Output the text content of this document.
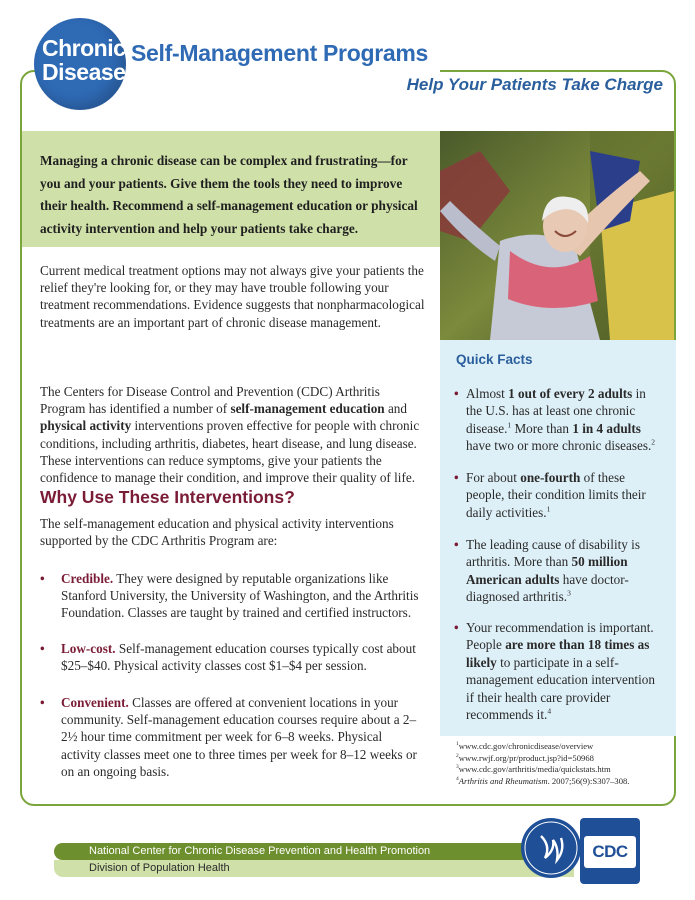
Chronic
Disease
Self-Management Programs
Help Your Patients Take Charge
Managing a chronic disease can be complex and frustrating—for you and your patients. Give them the tools they need to improve their health. Recommend a self-management education or physical activity intervention and help your patients take charge.
Current medical treatment options may not always give your patients the relief they're looking for, or they may have trouble following your treatment recommendations. Evidence suggests that nonpharmacological treatments are an important part of chronic disease management.
The Centers for Disease Control and Prevention (CDC) Arthritis Program has identified a number of self-management education and physical activity interventions proven effective for people with chronic conditions, including arthritis, diabetes, heart disease, and lung disease. These interventions can reduce symptoms, give your patients the confidence to manage their condition, and improve their quality of life.
Why Use These Interventions?
The self-management education and physical activity interventions supported by the CDC Arthritis Program are:
• Credible. They were designed by reputable organizations like Stanford University, the University of Washington, and the Arthritis Foundation. Classes are taught by trained and certified instructors.
• Low-cost. Self-management education courses typically cost about $25–$40. Physical activity classes cost $1–$4 per session.
• Convenient. Classes are offered at convenient locations in your community. Self-management education courses require about a 2–2½ hour time commitment per week for 6–8 weeks. Physical activity classes meet one to three times per week for 8–12 weeks or on an ongoing basis.
Quick Facts
• Almost 1 out of every 2 adults in the U.S. has at least one chronic disease.$^1$ More than 1 in 4 adults have two or more chronic diseases.$^2$
• For about one-fourth of these people, their condition limits their daily activities.$^1$
• The leading cause of disability is arthritis. More than 50 million American adults have doctor-diagnosed arthritis.$^3$
• Your recommendation is important. People are more than 18 times as likely to participate in a self-management education intervention if their health care provider recommends it.$^4$
$^1$www.cdc.gov/chronicdisease/overview
$^2$www.rwjf.org/pr/product.jsp?id=50968
$^3$www.cdc.gov/arthritis/media/quickstats.htm
$^4$Arthritis and Rheumatism. 2007;56(9):S307–308.
National Center for Chronic Disease Prevention and Health Promotion
Division of Population Health
CDC
